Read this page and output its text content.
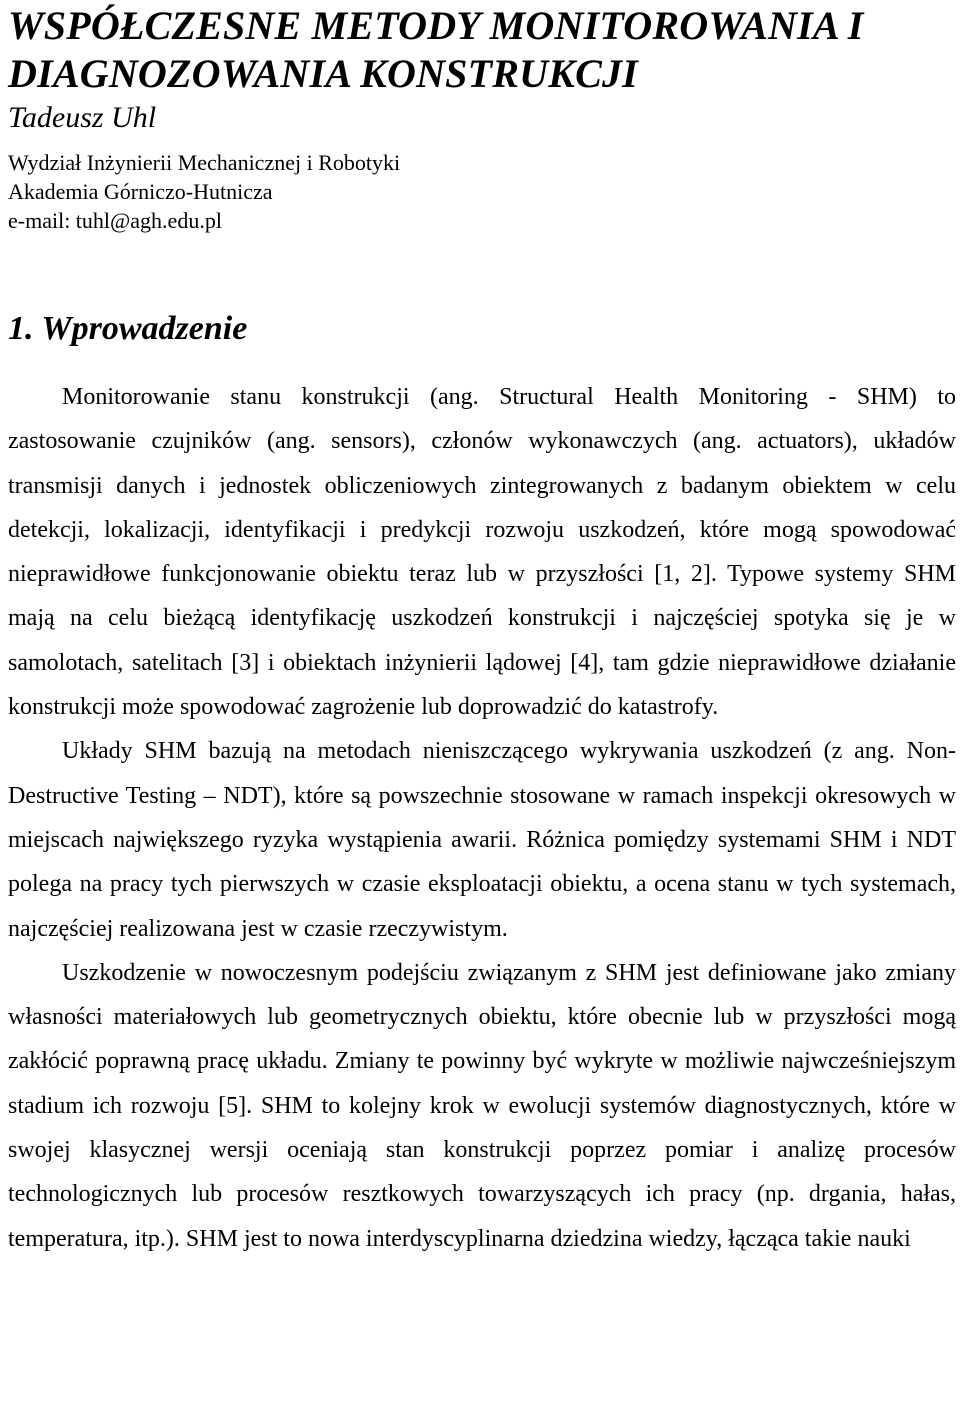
WSPÓŁCZESNE METODY MONITOROWANIA I DIAGNOZOWANIA KONSTRUKCJI

Tadeusz Uhl

Wydział Inżynierii Mechanicznej i Robotyki

Akademia Górniczo-Hutnicza

e-mail: tuhl@agh.edu.pl

1. Wprowadzenie

Monitorowanie stanu konstrukcji (ang. Structural Health Monitoring - SHM) to zastosowanie czujników (ang. sensors), członów wykonawczych (ang. actuators), układów transmisji danych i jednostek obliczeniowych zintegrowanych z badanym obiektem w celu detekcji, lokalizacji, identyfikacji i predykcji rozwoju uszkodzeń, które mogą spowodować nieprawidłowe funkcjonowanie obiektu teraz lub w przyszłości [1, 2]. Typowe systemy SHM mają na celu bieżącą identyfikację uszkodzeń konstrukcji i najczęściej spotyka się je w samolotach, satelitach [3] i obiektach inżynierii lądowej [4], tam gdzie nieprawidłowe działanie konstrukcji może spowodować zagrożenie lub doprowadzić do katastrofy.

Układy SHM bazują na metodach nieniszczącego wykrywania uszkodzeń (z ang. Non-Destructive Testing – NDT), które są powszechnie stosowane w ramach inspekcji okresowych w miejscach największego ryzyka wystąpienia awarii. Różnica pomiędzy systemami SHM i NDT polega na pracy tych pierwszych w czasie eksploatacji obiektu, a ocena stanu w tych systemach, najczęściej realizowana jest w czasie rzeczywistym.

Uszkodzenie w nowoczesnym podejściu związanym z SHM jest definiowane jako zmiany własności materiałowych lub geometrycznych obiektu, które obecnie lub w przyszłości mogą zakłócić poprawną pracę układu. Zmiany te powinny być wykryte w możliwie najwcześniejszym stadium ich rozwoju [5]. SHM to kolejny krok w ewolucji systemów diagnostycznych, które w swojej klasycznej wersji oceniają stan konstrukcji poprzez pomiar i analizę procesów technologicznych lub procesów resztkowych towarzyszących ich pracy (np. drgania, hałas, temperatura, itp.). SHM jest to nowa interdyscyplinarna dziedzina wiedzy, łącząca takie nauki
